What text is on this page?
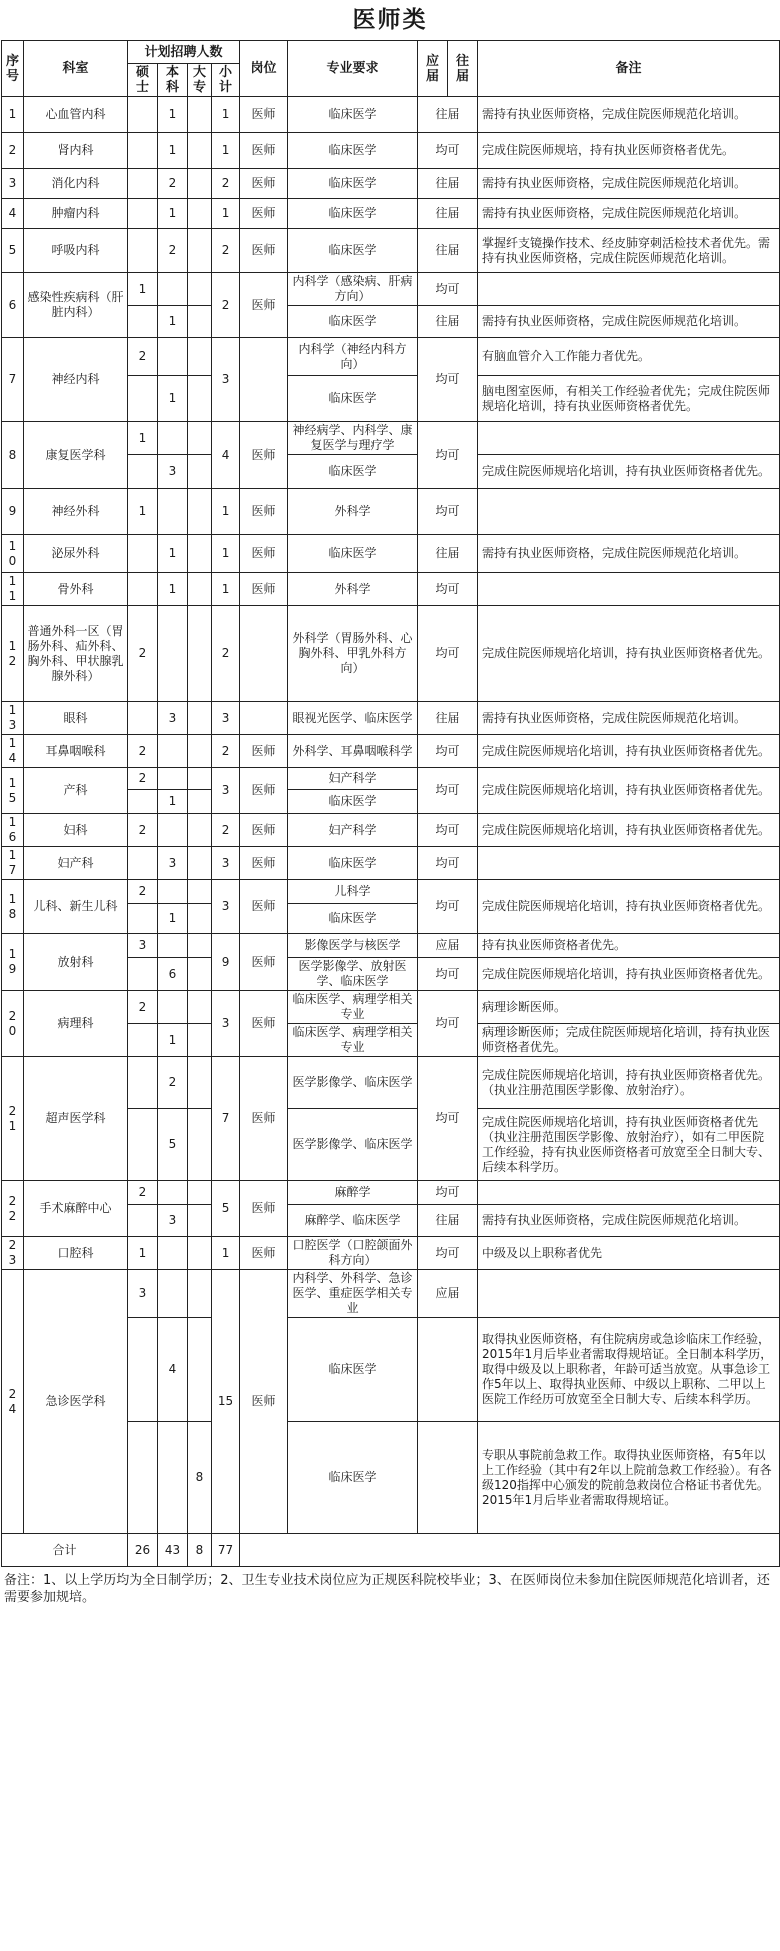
医师类
序号	科室	计划招聘人数				岗位	专业要求	应届	往届	备注
		硕士	本科	大专	小计					
1	心血管内科		1		1	医师	临床医学	往届		需持有执业医师资格，完成住院医师规范化培训。
2	肾内科		1		1	医师	临床医学	均可		完成住院医师规培，持有执业医师资格者优先。
3	消化内科		2		2	医师	临床医学	往届		需持有执业医师资格，完成住院医师规范化培训。
4	肿瘤内科		1		1	医师	临床医学	往届		需持有执业医师资格，完成住院医师规范化培训。
5	呼吸内科		2		2	医师	临床医学	往届		掌握纤支镜操作技术、经皮肺穿刺活检技术者优先。需持有执业医师资格，完成住院医师规范化培训。
6	感染性疾病科（肝脏内科）	1			2	医师	内科学（感染病、肝病方向）	均可		
			1				临床医学	往届		需持有执业医师资格，完成住院医师规范化培训。
7	神经内科	2			3		内科学（神经内科方向）	均可		有脑血管介入工作能力者优先。
			1				临床医学			脑电图室医师，有相关工作经验者优先；完成住院医师规培化培训，持有执业医师资格者优先。
8	康复医学科	1			4	医师	神经病学、内科学、康复医学与理疗学	均可		
			3				临床医学			完成住院医师规培化培训，持有执业医师资格者优先。
9	神经外科	1			1	医师	外科学	均可		
10	泌尿外科		1		1	医师	临床医学	往届		需持有执业医师资格，完成住院医师规范化培训。
11	骨外科		1		1	医师	外科学	均可		
12	普通外科一区（胃肠外科、疝外科、胸外科、甲状腺乳腺外科）	2			2		外科学（胃肠外科、心胸外科、甲乳外科方向）	均可		完成住院医师规培化培训，持有执业医师资格者优先。
13	眼科		3		3		眼视光医学、临床医学	往届		需持有执业医师资格，完成住院医师规范化培训。
14	耳鼻咽喉科	2			2	医师	外科学、耳鼻咽喉科学	均可		完成住院医师规培化培训，持有执业医师资格者优先。
15	产科	2			3	医师	妇产科学	均可		完成住院医师规培化培训，持有执业医师资格者优先。
			1				临床医学			
16	妇科	2			2	医师	妇产科学	均可		完成住院医师规培化培训，持有执业医师资格者优先。
17	妇产科		3		3	医师	临床医学	均可		
18	儿科、新生儿科	2			3	医师	儿科学	均可		完成住院医师规培化培训，持有执业医师资格者优先。
			1				临床医学			
19	放射科	3			9	医师	影像医学与核医学	应届		持有执业医师资格者优先。
			6				医学影像学、放射医学、临床医学	均可		完成住院医师规培化培训，持有执业医师资格者优先。
20	病理科	2			3	医师	临床医学、病理学相关专业	均可		病理诊断医师。
			1				临床医学、病理学相关专业			病理诊断医师；完成住院医师规培化培训，持有执业医师资格者优先。
21	超声医学科		2		7	医师	医学影像学、临床医学	均可		完成住院医师规培化培训，持有执业医师资格者优先。（执业注册范围医学影像、放射治疗）。
			5				医学影像学、临床医学			完成住院医师规培化培训，持有执业医师资格者优先（执业注册范围医学影像、放射治疗），如有二甲医院工作经验，持有执业医师资格者可放宽至全日制大专、后续本科学历。
22	手术麻醉中心	2			5	医师	麻醉学	均可		
			3				麻醉学、临床医学	往届		需持有执业医师资格，完成住院医师规范化培训。
23	口腔科	1			1	医师	口腔医学（口腔颌面外科方向）	均可		中级及以上职称者优先
24	急诊医学科	3			15	医师	内科学、外科学、急诊医学、重症医学相关专业	应届		
			4				临床医学			取得执业医师资格，有住院病房或急诊临床工作经验，2015年1月后毕业者需取得规培证。全日制本科学历，取得中级及以上职称者，年龄可适当放宽。从事急诊工作5年以上、取得执业医师、中级以上职称、二甲以上医院工作经历可放宽至全日制大专、后续本科学历。
				8			临床医学			专职从事院前急救工作。取得执业医师资格，有5年以上工作经验（其中有2年以上院前急救工作经验）。有各级120指挥中心颁发的院前急救岗位合格证书者优先。2015年1月后毕业者需取得规培证。
合计		26	43	8	77					
备注：1、以上学历均为全日制学历；2、卫生专业技术岗位应为正规医科院校毕业；3、在医师岗位未参加住院医师规范化培训者，还需要参加规培。
